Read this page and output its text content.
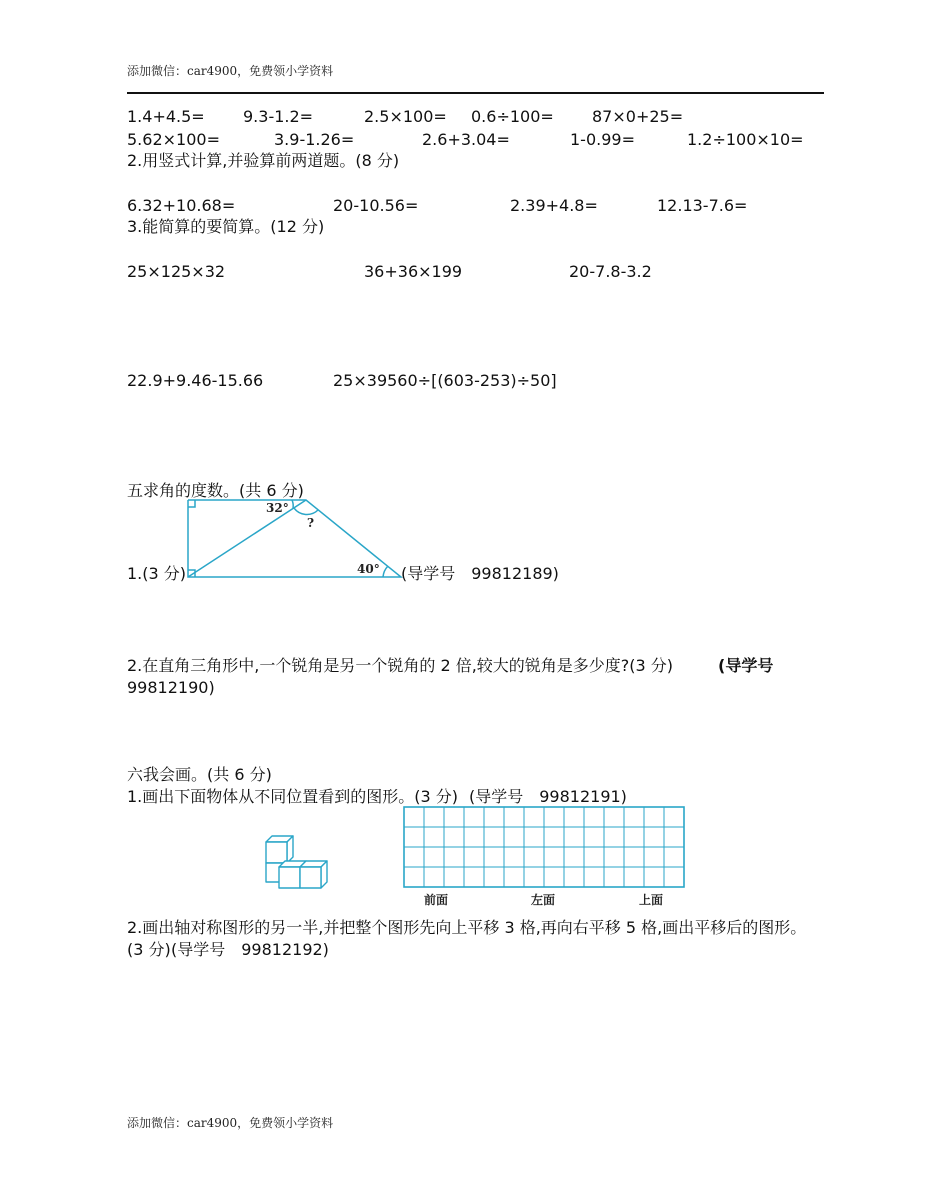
添加微信：car4900，免费领小学资料
1.4+4.5= 9.3-1.2=	2.5×100= 0.6÷100= 87×0+25=
5.62×100=	3.9-1.26=	2.6+3.04=	1-0.99=	1.2÷100×10=
2.用竖式计算,并验算前两道题。(8 分)
6.32+10.68=	20-10.56=	2.39+4.8=	12.13-7.6=
3.能简算的要简算。(12 分)
25×125×32	36+36×199	20-7.8-3.2
22.9+9.46-15.66	25×39560÷[(603-253)÷50]
五求角的度数。(共 6 分)
32°
?
40°
1.(3 分)	(导学号　99812189)
2.在直角三角形中,一个锐角是另一个锐角的 2 倍,较大的锐角是多少度?(3 分)	(导学号
99812190)
六我会画。(共 6 分)
1.画出下面物体从不同位置看到的图形。(3 分) (导学号　99812191)
前面	左面	上面
2.画出轴对称图形的另一半,并把整个图形先向上平移 3 格,再向右平移 5 格,画出平移后的图形。
(3 分) (导学号　99812192)
添加微信：car4900，免费领小学资料
